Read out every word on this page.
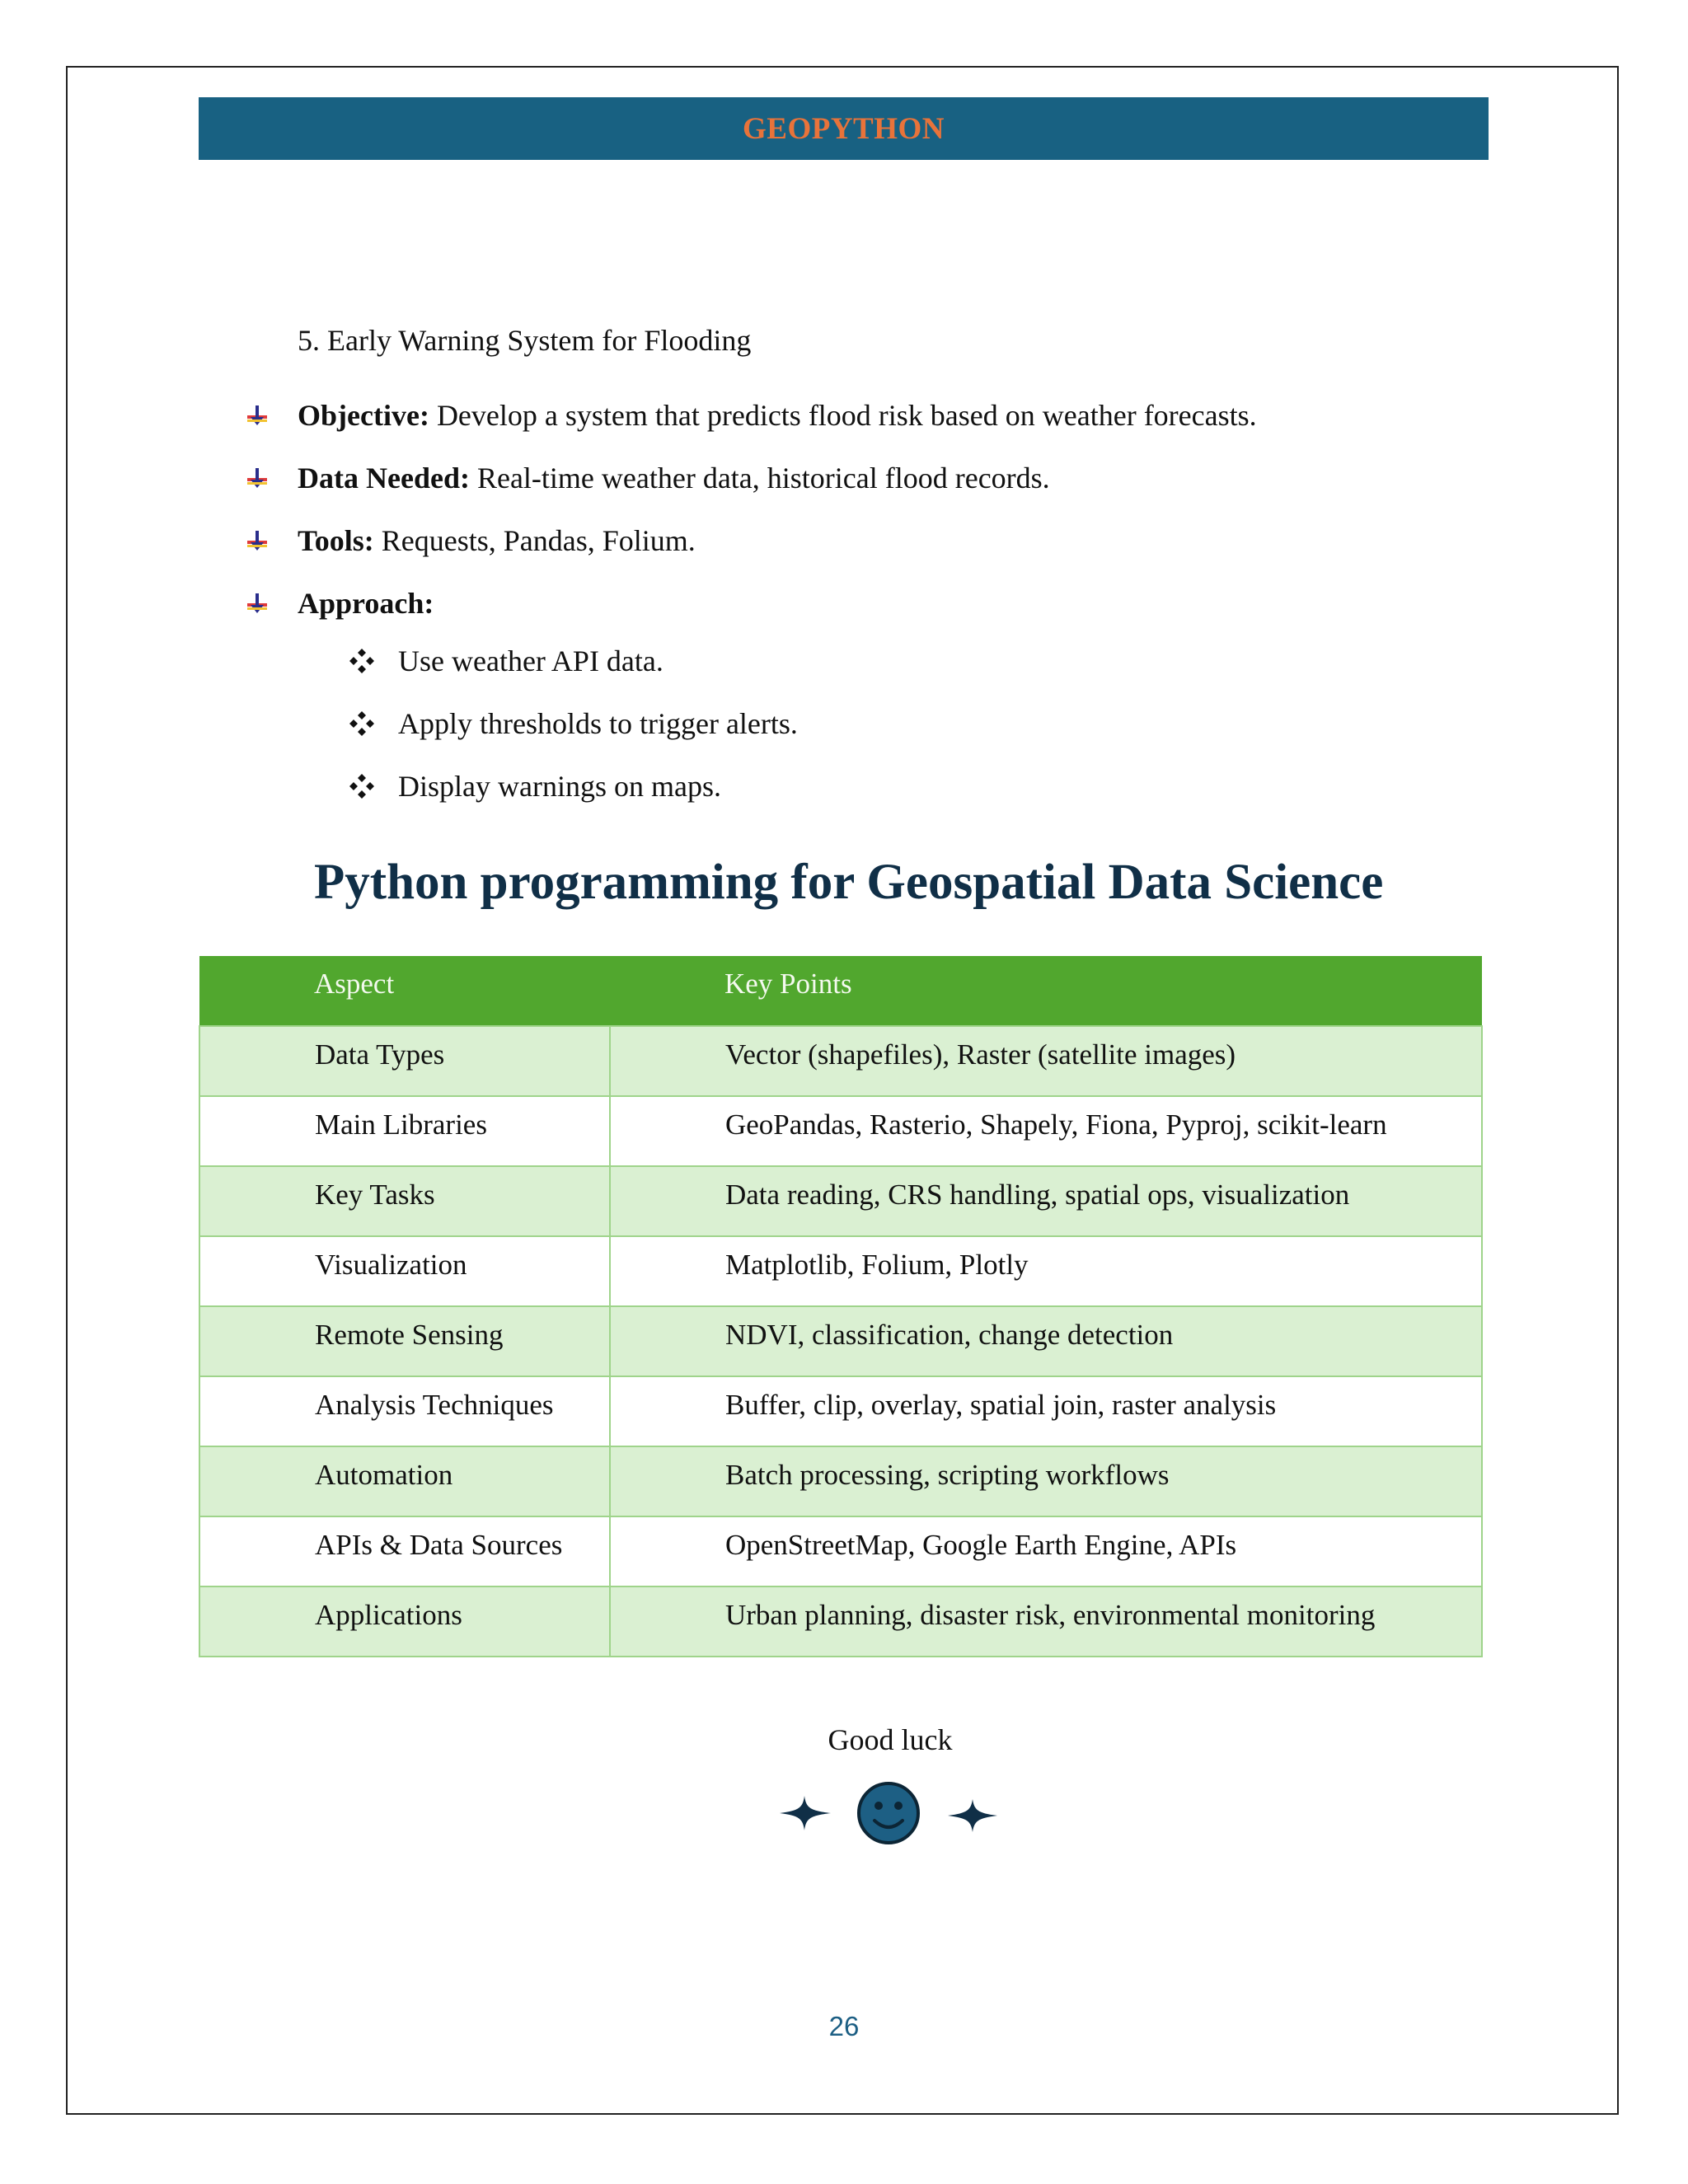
GEOPYTHON
5. Early Warning System for Flooding
Objective: Develop a system that predicts flood risk based on weather forecasts.
Data Needed: Real-time weather data, historical flood records.
Tools: Requests, Pandas, Folium.
Approach:
Use weather API data.
Apply thresholds to trigger alerts.
Display warnings on maps.
Python programming for Geospatial Data Science
Aspect	Key Points
Data Types	Vector (shapefiles), Raster (satellite images)
Main Libraries	GeoPandas, Rasterio, Shapely, Fiona, Pyproj, scikit-learn
Key Tasks	Data reading, CRS handling, spatial ops, visualization
Visualization	Matplotlib, Folium, Plotly
Remote Sensing	NDVI, classification, change detection
Analysis Techniques	Buffer, clip, overlay, spatial join, raster analysis
Automation	Batch processing, scripting workflows
APIs & Data Sources	OpenStreetMap, Google Earth Engine, APIs
Applications	Urban planning, disaster risk, environmental monitoring
Good luck
26
